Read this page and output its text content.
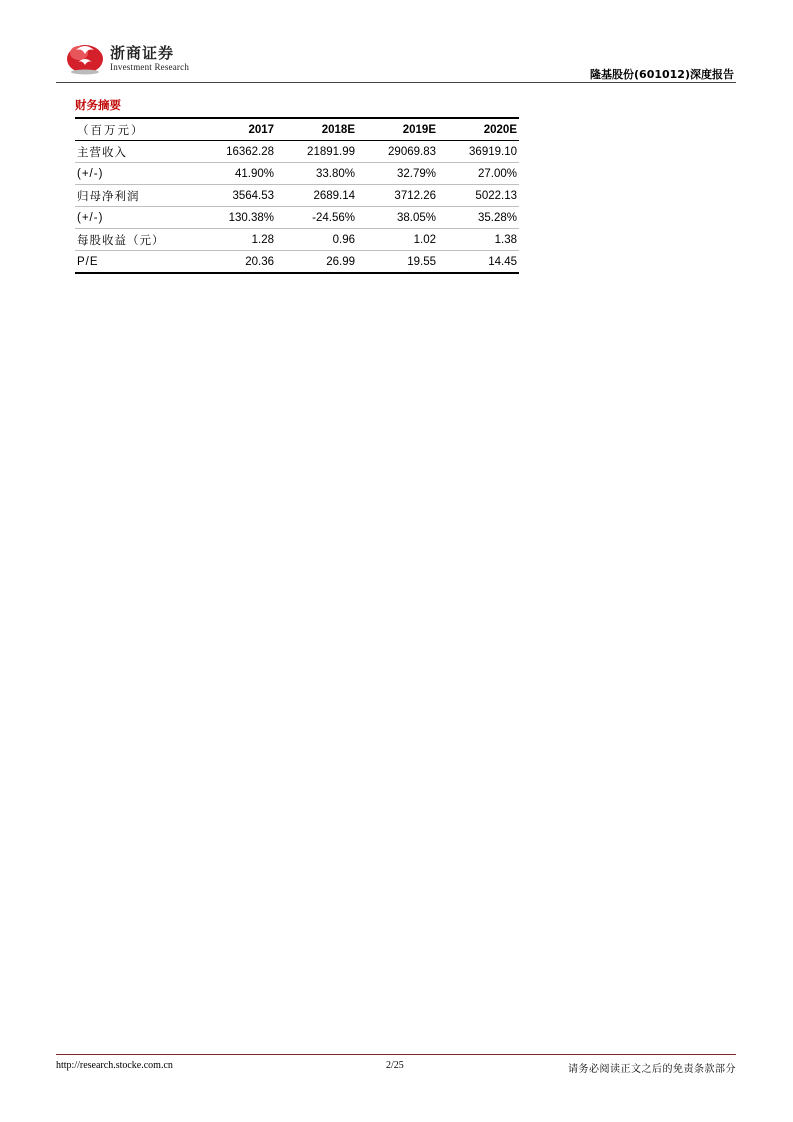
浙商证券
Investment Research
隆基股份(601012)深度报告
财务摘要
（百万元）	2017	2018E	2019E	2020E
主营收入	16362.28	21891.99	29069.83	36919.10
(+/-)	41.90%	33.80%	32.79%	27.00%
归母净利润	3564.53	2689.14	3712.26	5022.13
(+/-)	130.38%	-24.56%	38.05%	35.28%
每股收益（元）	1.28	0.96	1.02	1.38
P/E	20.36	26.99	19.55	14.45
http://research.stocke.com.cn	2/25	请务必阅读正文之后的免责条款部分
